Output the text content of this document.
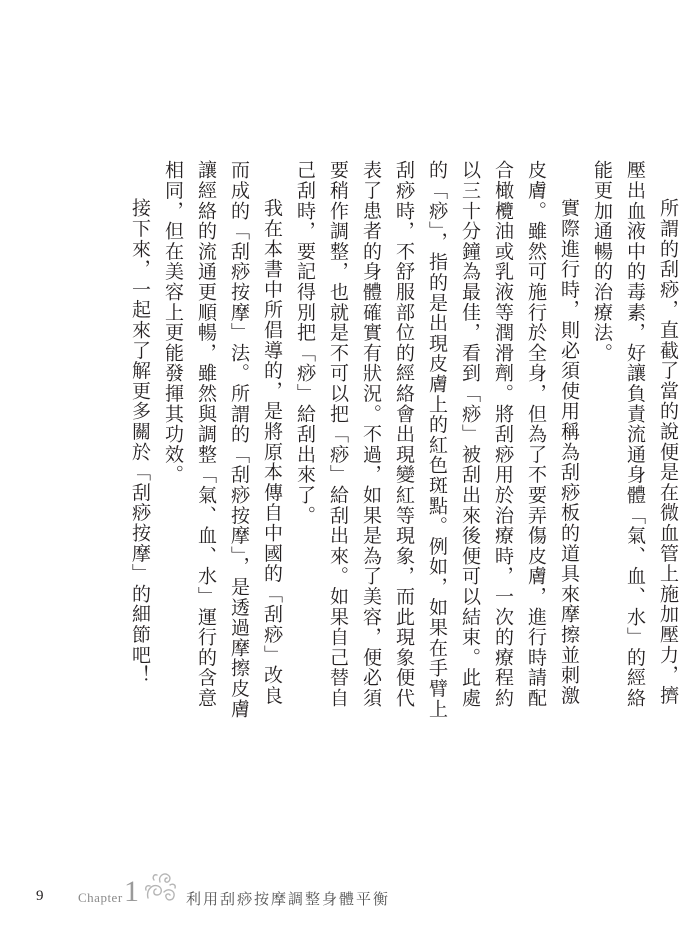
所謂的刮痧，直截了當的說便是在微血管上施加壓力，擠壓出血液中的毒素，好讓負責流通身體「氣、血、水」的經絡能更加通暢的治療法。

實際進行時，則必須使用稱為刮痧板的道具來摩擦並刺激皮膚。雖然可施行於全身，但為了不要弄傷皮膚，進行時請配合橄欖油或乳液等潤滑劑。將刮痧用於治療時，一次的療程約以三十分鐘為最佳，看到「痧」被刮出來後便可以結束。此處的「痧」，指的是出現皮膚上的紅色斑點。例如，如果在手臂上刮痧時，不舒服部位的經絡會出現變紅等現象，而此現象便代表了患者的身體確實有狀況。不過，如果是為了美容，便必須要稍作調整，也就是不可以把「痧」給刮出來。如果自己替自己刮時，要記得別把「痧」給刮出來了。

我在本書中所倡導的，是將原本傳自中國的「刮痧」改良而成的「刮痧按摩」法。所謂的「刮痧按摩」，是透過摩擦皮膚讓經絡的流通更順暢，雖然與調整「氣、血、水」運行的含意相同，但在美容上更能發揮其功效。

接下來，一起來了解更多關於「刮痧按摩」的細節吧！

9	Chapter 1	利用刮痧按摩調整身體平衡
